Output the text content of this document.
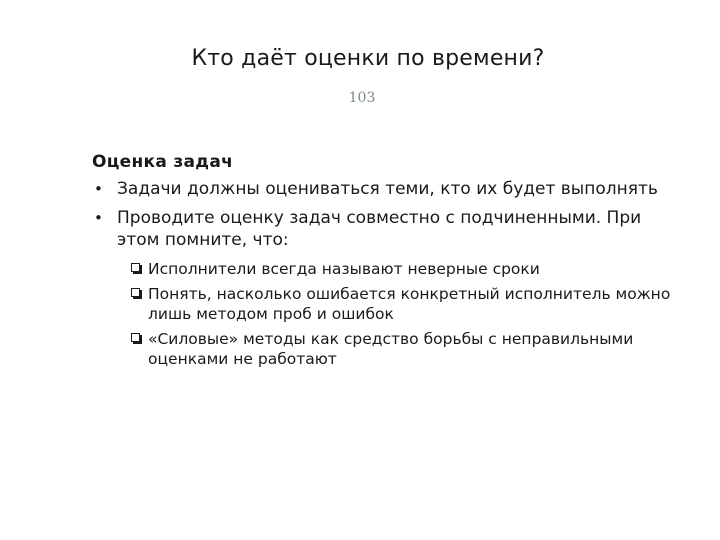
Кто даёт оценки по времени?
103
Оценка задач
• Задачи должны оцениваться теми, кто их будет выполнять
• Проводите оценку задач совместно с подчиненными. При этом помните, что:
Исполнители всегда называют неверные сроки
Понять, насколько ошибается конкретный исполнитель можно лишь методом проб и ошибок
«Силовые» методы как средство борьбы с неправильными оценками не работают
